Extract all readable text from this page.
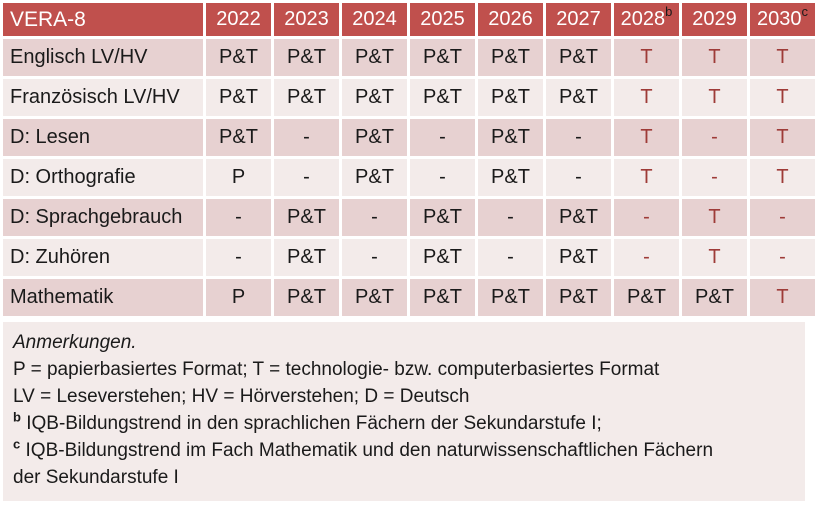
VERA-8	2022	2023	2024	2025	2026	2027	2028$^b$	2029	2030$^c$
Englisch LV/HV	P&T	P&T	P&T	P&T	P&T	P&T	T	T	T
Französisch LV/HV	P&T	P&T	P&T	P&T	P&T	P&T	T	T	T
D: Lesen	P&T	-	P&T	-	P&T	-	T	-	T
D: Orthografie	P	-	P&T	-	P&T	-	T	-	T
D: Sprachgebrauch	-	P&T	-	P&T	-	P&T	-	T	-
D: Zuhören	-	P&T	-	P&T	-	P&T	-	T	-
Mathematik	P	P&T	P&T	P&T	P&T	P&T	P&T	P&T	T

Anmerkungen.

P = papierbasiertes Format; T = technologie- bzw. computerbasiertes Format

LV = Leseverstehen; HV = Hörverstehen; D = Deutsch

$^b$ IQB-Bildungstrend in den sprachlichen Fächern der Sekundarstufe I;

$^c$ IQB-Bildungstrend im Fach Mathematik und den naturwissenschaftlichen Fächern der Sekundarstufe I
